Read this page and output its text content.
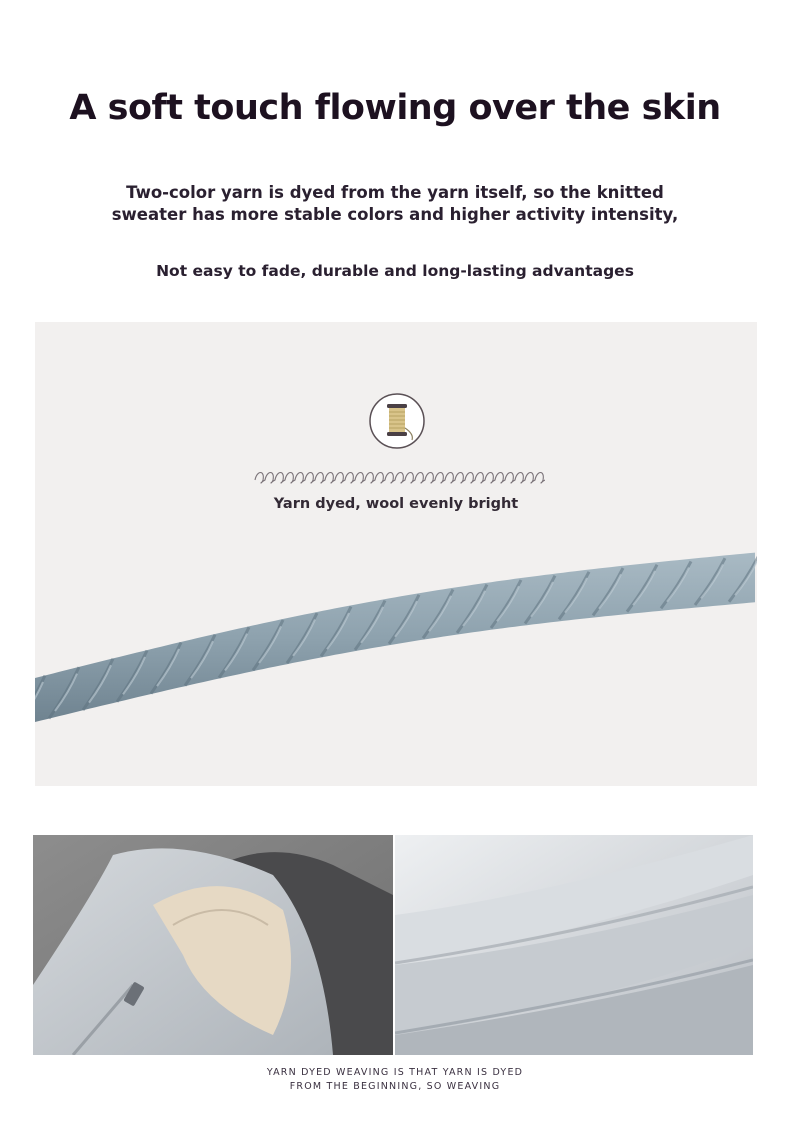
A soft touch flowing over the skin
Two-color yarn is dyed from the yarn itself, so the knitted
sweater has more stable colors and higher activity intensity,
Not easy to fade, durable and long-lasting advantages
Yarn dyed, wool evenly bright
YARN DYED WEAVING IS THAT YARN IS DYED
FROM THE BEGINNING, SO WEAVING
